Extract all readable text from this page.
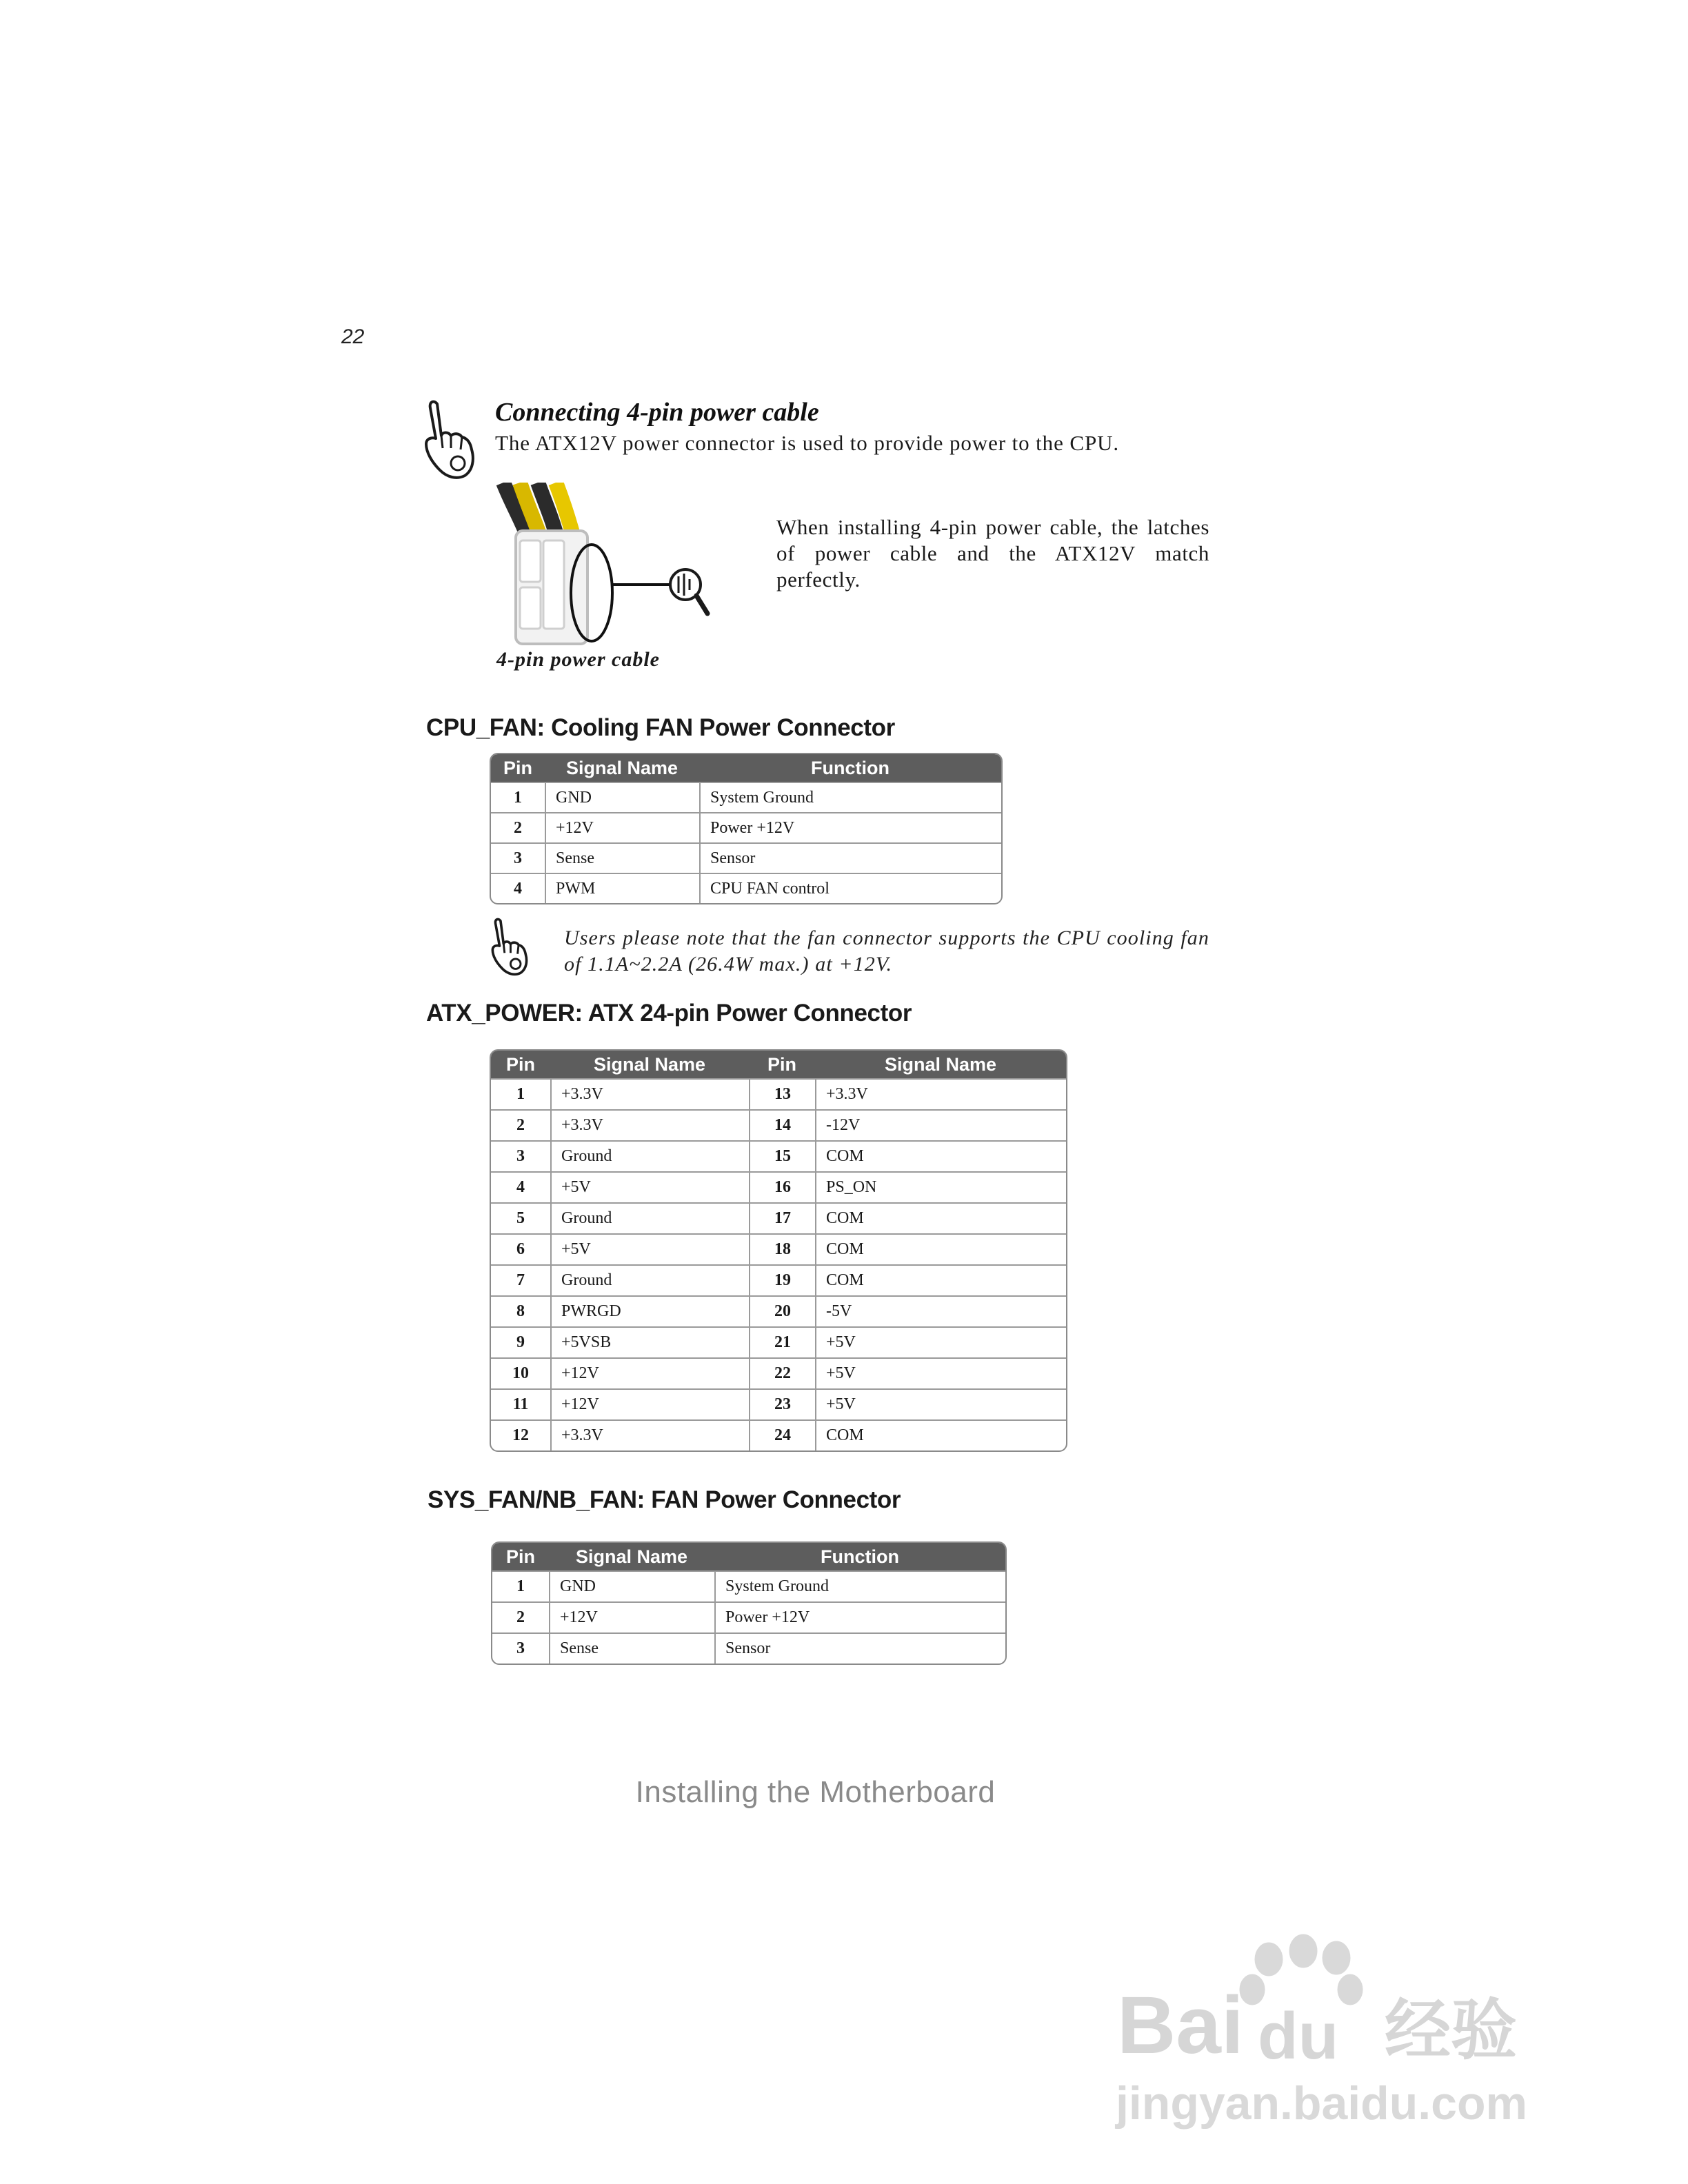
22
Connecting 4-pin power cable
The ATX12V power connector is used to provide power to the CPU.
4-pin power cable
When installing 4-pin power cable, the latches of power cable and the ATX12V match perfectly.
CPU_FAN: Cooling FAN Power Connector
Pin	Signal Name	Function
1	GND	System Ground
2	+12V	Power +12V
3	Sense	Sensor
4	PWM	CPU FAN control
Users please note that the fan connector supports the CPU cooling fan of 1.1A~2.2A (26.4W max.) at +12V.
ATX_POWER: ATX 24-pin Power Connector
Pin	Signal Name	Pin	Signal Name
1	+3.3V	13	+3.3V
2	+3.3V	14	-12V
3	Ground	15	COM
4	+5V	16	PS_ON
5	Ground	17	COM
6	+5V	18	COM
7	Ground	19	COM
8	PWRGD	20	-5V
9	+5VSB	21	+5V
10	+12V	22	+5V
11	+12V	23	+5V
12	+3.3V	24	COM
SYS_FAN/NB_FAN: FAN Power Connector
Pin	Signal Name	Function
1	GND	System Ground
2	+12V	Power +12V
3	Sense	Sensor
Installing the Motherboard
Bai du 经验
jingyan.baidu.com
